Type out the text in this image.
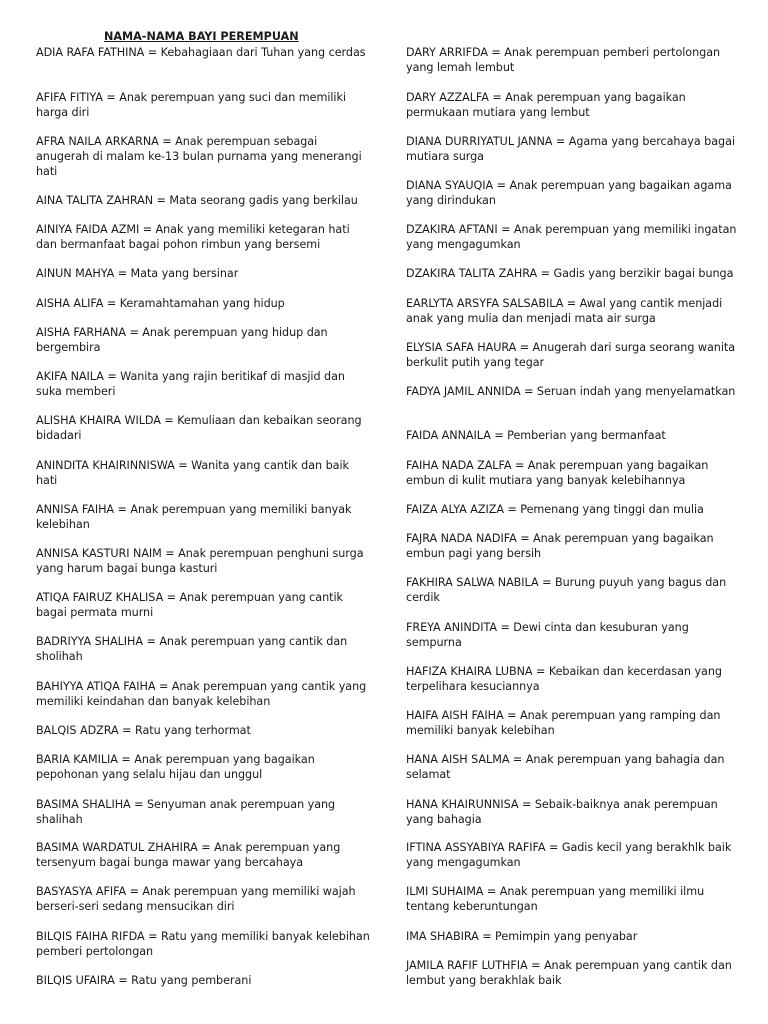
NAMA-NAMA BAYI PEREMPUAN

ADIA RAFA FATHINA = Kebahagiaan dari Tuhan yang cerdas

AFIFA FITIYA = Anak perempuan yang suci dan memiliki harga diri

AFRA NAILA ARKARNA = Anak perempuan sebagai anugerah di malam ke-13 bulan purnama yang menerangi hati

AINA TALITA ZAHRAN = Mata seorang gadis yang berkilau

AINIYA FAIDA AZMI = Anak yang memiliki ketegaran hati dan bermanfaat bagai pohon rimbun yang bersemi

AINUN MAHYA = Mata yang bersinar

AISHA ALIFA = Keramahtamahan yang hidup

AISHA FARHANA = Anak perempuan yang hidup dan bergembira

AKIFA NAILA = Wanita yang rajin beritikaf di masjid dan suka memberi

ALISHA KHAIRA WILDA = Kemuliaan dan kebaikan seorang bidadari

ANINDITA KHAIRINNISWA = Wanita yang cantik dan baik hati

ANNISA FAIHA = Anak perempuan yang memiliki banyak kelebihan

ANNISA KASTURI NAIM = Anak perempuan penghuni surga yang harum bagai bunga kasturi

ATIQA FAIRUZ KHALISA = Anak perempuan yang cantik bagai permata murni

BADRIYYA SHALIHA = Anak perempuan yang cantik dan sholihah

BAHIYYA ATIQA FAIHA = Anak perempuan yang cantik yang memiliki keindahan dan banyak kelebihan

BALQIS ADZRA = Ratu yang terhormat

BARIA KAMILIA = Anak perempuan yang bagaikan pepohonan yang selalu hijau dan unggul

BASIMA SHALIHA = Senyuman anak perempuan yang shalihah

BASIMA WARDATUL ZHAHIRA = Anak perempuan yang tersenyum bagai bunga mawar yang bercahaya

BASYASYA AFIFA = Anak perempuan yang memiliki wajah berseri-seri sedang mensucikan diri

BILQIS FAIHA RIFDA = Ratu yang memiliki banyak kelebihan pemberi pertolongan

BILQIS UFAIRA = Ratu yang pemberani

DARY ARRIFDA = Anak perempuan pemberi pertolongan yang lemah lembut

DARY AZZALFA = Anak perempuan yang bagaikan permukaan mutiara yang lembut

DIANA DURRIYATUL JANNA = Agama yang bercahaya bagai mutiara surga

DIANA SYAUQIA = Anak perempuan yang bagaikan agama yang dirindukan

DZAKIRA AFTANI = Anak perempuan yang memiliki ingatan yang mengagumkan

DZAKIRA TALITA ZAHRA = Gadis yang berzikir bagai bunga

EARLYTA ARSYFA SALSABILA = Awal yang cantik menjadi anak yang mulia dan menjadi mata air surga

ELYSIA SAFA HAURA = Anugerah dari surga seorang wanita berkulit putih yang tegar

FADYA JAMIL ANNIDA = Seruan indah yang menyelamatkan

FAIDA ANNAILA = Pemberian yang bermanfaat

FAIHA NADA ZALFA = Anak perempuan yang bagaikan embun di kulit mutiara yang banyak kelebihannya

FAIZA ALYA AZIZA = Pemenang yang tinggi dan mulia

FAJRA NADA NADIFA = Anak perempuan yang bagaikan embun pagi yang bersih

FAKHIRA SALWA NABILA = Burung puyuh yang bagus dan cerdik

FREYA ANINDITA = Dewi cinta dan kesuburan yang sempurna

HAFIZA KHAIRA LUBNA = Kebaikan dan kecerdasan yang terpelihara kesuciannya

HAIFA AISH FAIHA = Anak perempuan yang ramping dan memiliki banyak kelebihan

HANA AISH SALMA = Anak perempuan yang bahagia dan selamat

HANA KHAIRUNNISA = Sebaik-baiknya anak perempuan yang bahagia

IFTINA ASSYABIYA RAFIFA = Gadis kecil yang berakhlk baik yang mengagumkan

ILMI SUHAIMA = Anak perempuan yang memiliki ilmu tentang keberuntungan

IMA SHABIRA = Pemimpin yang penyabar

JAMILA RAFIF LUTHFIA = Anak perempuan yang cantik dan lembut yang berakhlak baik
